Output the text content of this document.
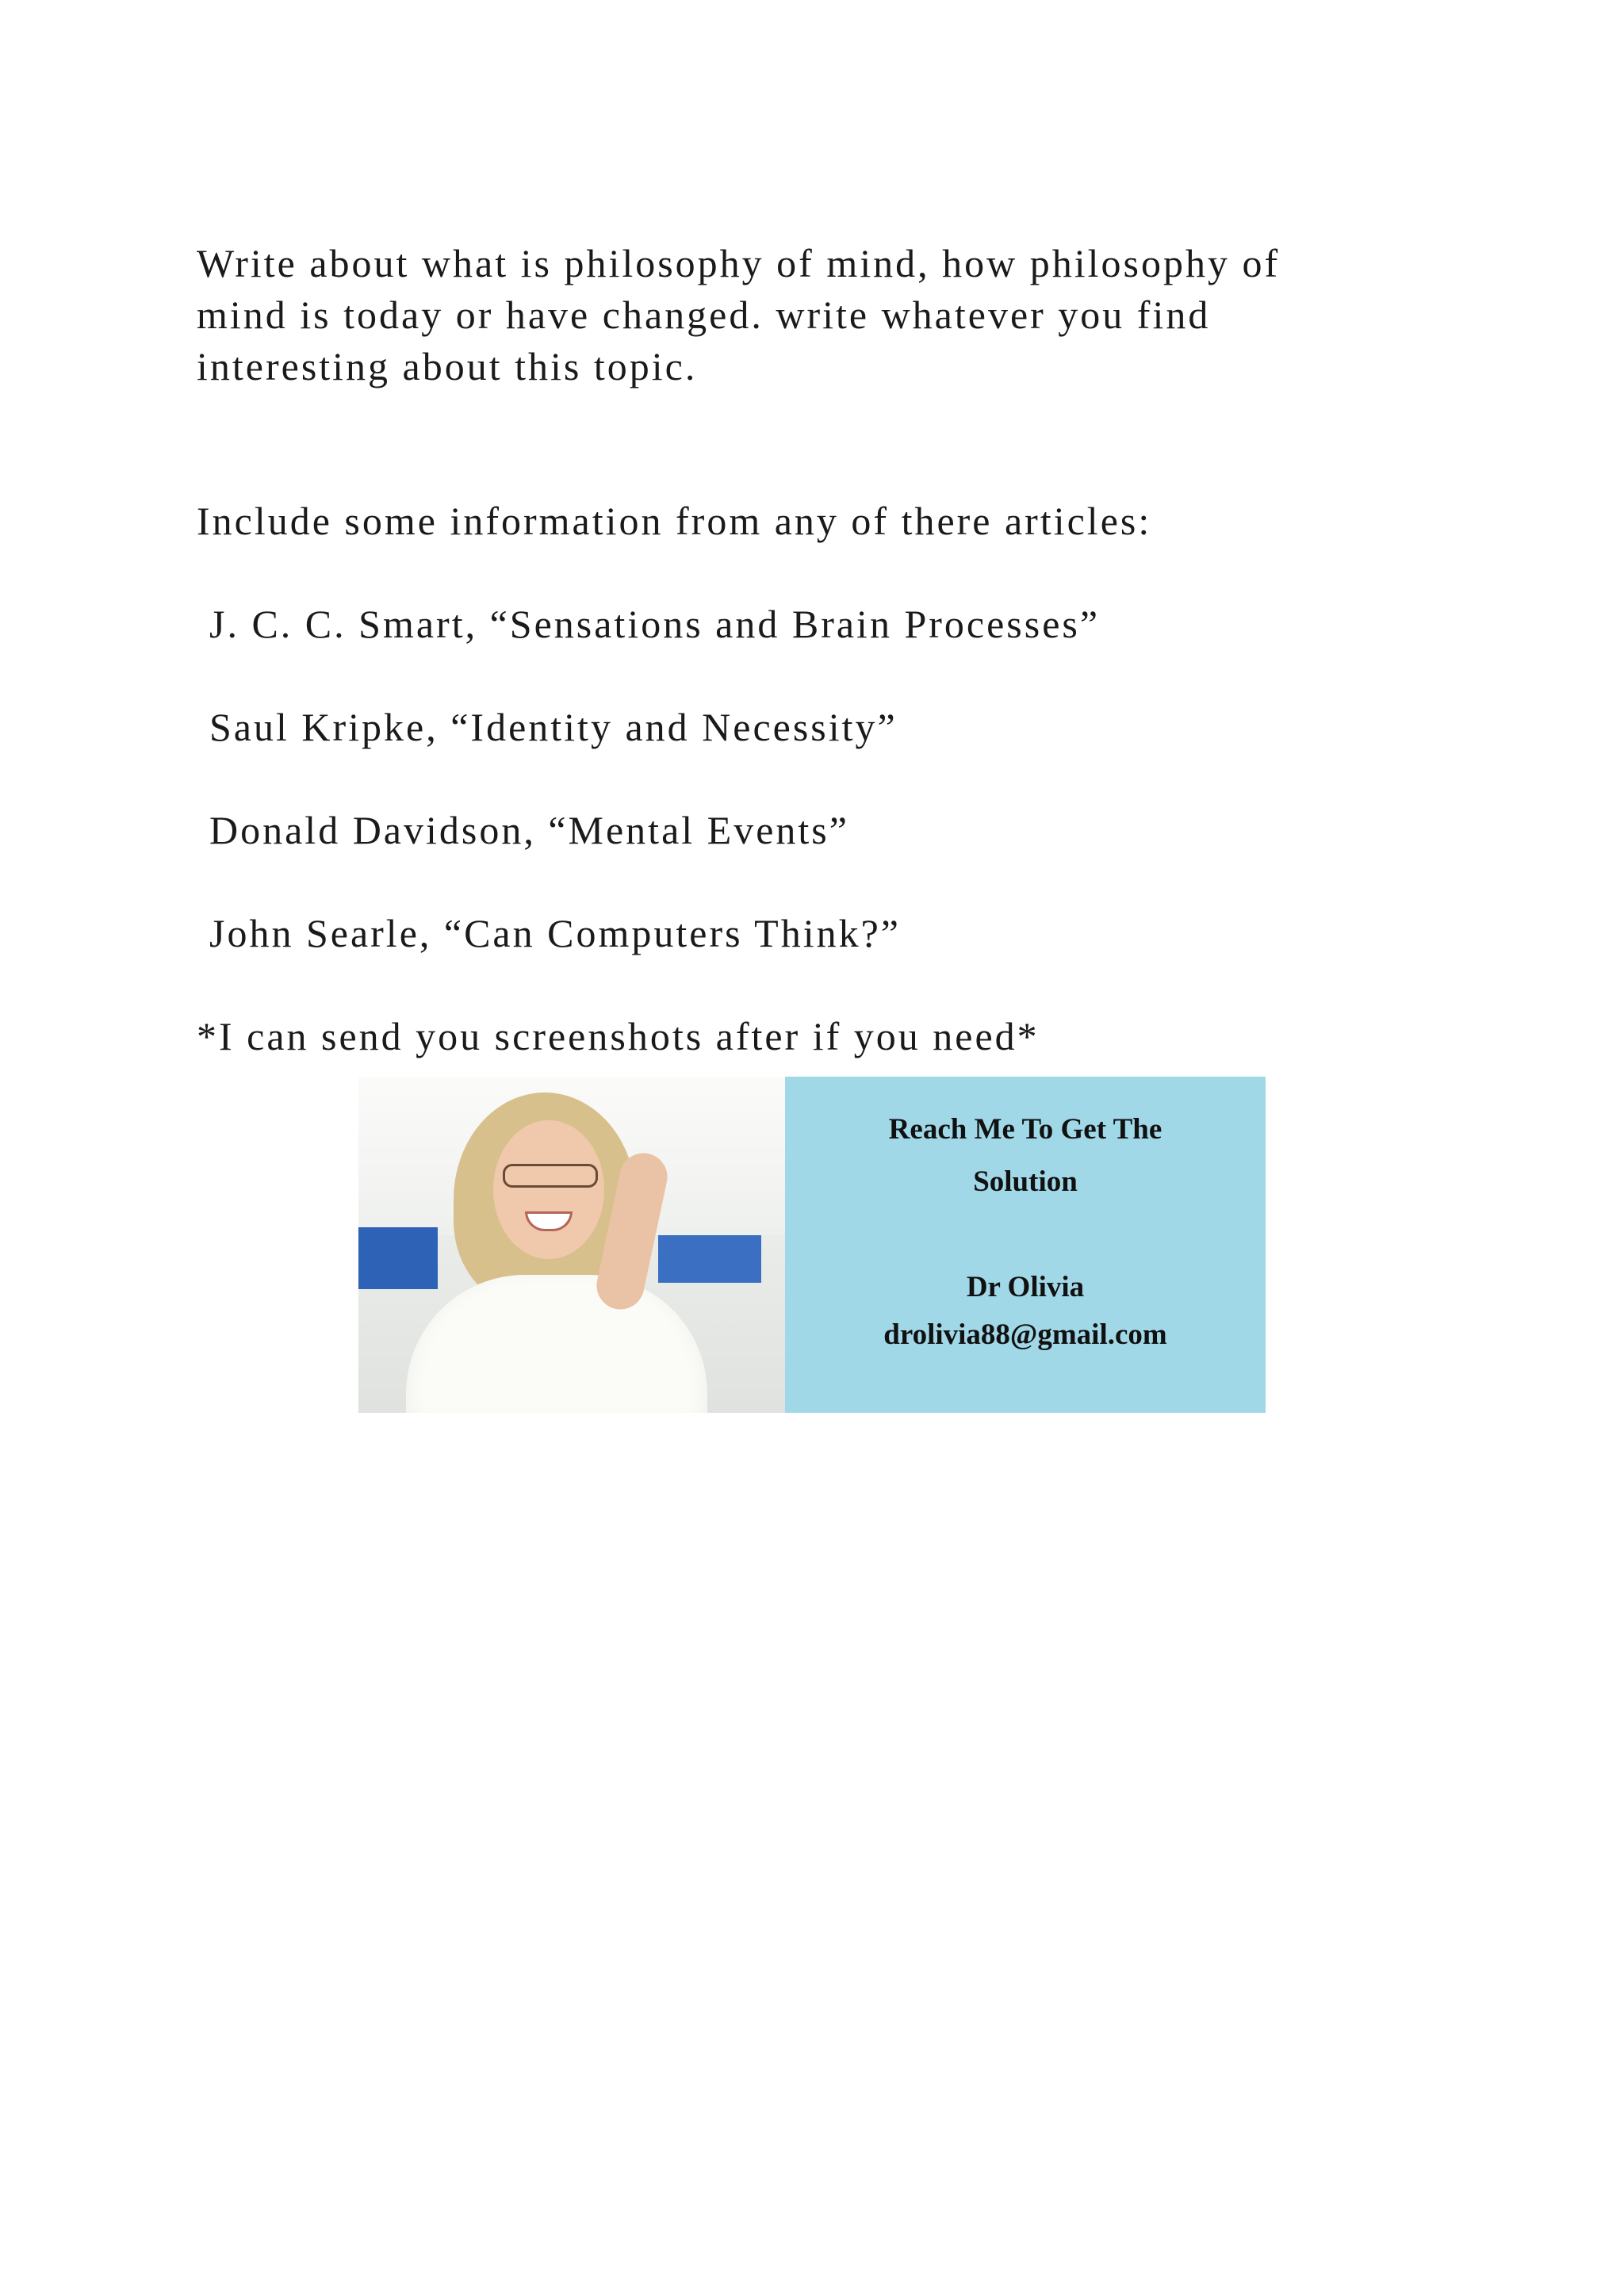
Write about what is philosophy of mind, how philosophy of
mind is today or have changed. write whatever you find
interesting about this topic.
Include some information from any of there articles:
J. C. C. Smart, “Sensations and Brain Processes”
Saul Kripke, “Identity and Necessity”
Donald Davidson, “Mental Events”
John Searle, “Can Computers Think?”
*I can send you screenshots after if you need*
Reach Me To Get The
Solution
Dr Olivia
drolivia88@gmail.com
